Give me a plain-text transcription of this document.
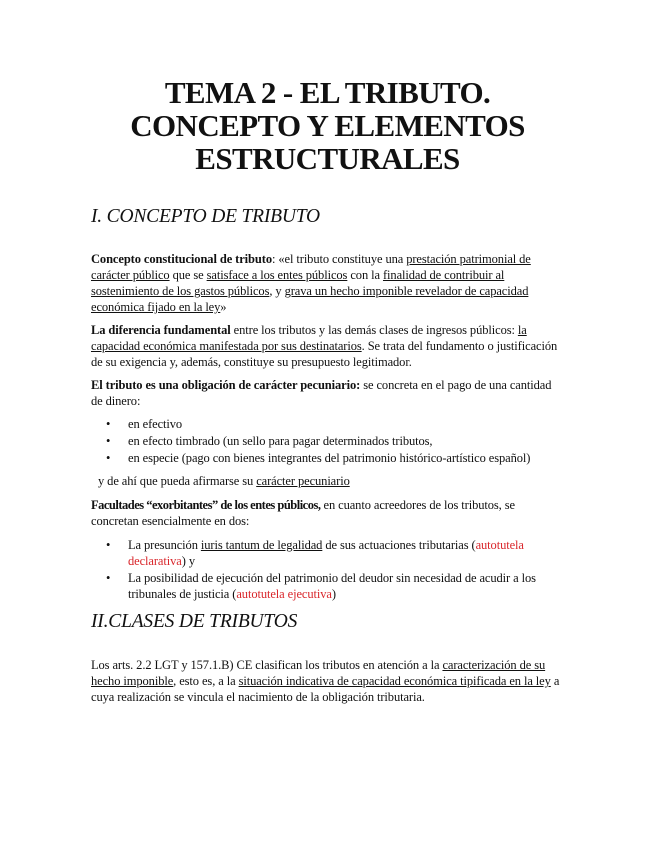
TEMA 2 - EL TRIBUTO.
CONCEPTO Y ELEMENTOS
ESTRUCTURALES
I. CONCEPTO DE TRIBUTO

Concepto constitucional de tributo: «el tributo constituye una prestación patrimonial de carácter público que se satisface a los entes públicos con la finalidad de contribuir al sostenimiento de los gastos públicos, y grava un hecho imponible revelador de capacidad económica fijado en la ley»

La diferencia fundamental entre los tributos y las demás clases de ingresos públicos: la capacidad económica manifestada por sus destinatarios. Se trata del fundamento o justificación de su exigencia y, además, constituye su presupuesto legitimador.

El tributo es una obligación de carácter pecuniario: se concreta en el pago de una cantidad de dinero:

• en efectivo
• en efecto timbrado (un sello para pagar determinados tributos,
• en especie (pago con bienes integrantes del patrimonio histórico-artístico español)

y de ahí que pueda afirmarse su carácter pecuniario

Facultades “exorbitantes” de los entes públicos, en cuanto acreedores de los tributos, se concretan esencialmente en dos:

• La presunción iuris tantum de legalidad de sus actuaciones tributarias (autotutela declarativa) y
• La posibilidad de ejecución del patrimonio del deudor sin necesidad de acudir a los tribunales de justicia (autotutela ejecutiva)
II.CLASES DE TRIBUTOS

Los arts. 2.2 LGT y 157.1.B) CE clasifican los tributos en atención a la caracterización de su hecho imponible, esto es, a la situación indicativa de capacidad económica tipificada en la ley a cuya realización se vincula el nacimiento de la obligación tributaria.
